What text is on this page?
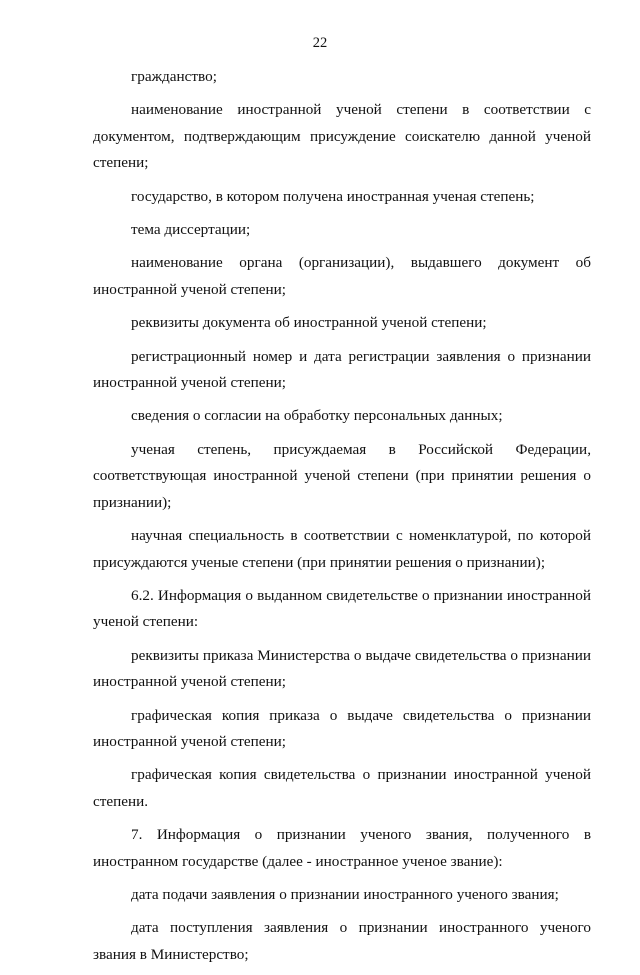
22

гражданство;

наименование иностранной ученой степени в соответствии с документом, подтверждающим присуждение соискателю данной ученой степени;

государство, в котором получена иностранная ученая степень;

тема диссертации;

наименование органа (организации), выдавшего документ об иностранной ученой степени;

реквизиты документа об иностранной ученой степени;

регистрационный номер и дата регистрации заявления о признании иностранной ученой степени;

сведения о согласии на обработку персональных данных;

ученая степень, присуждаемая в Российской Федерации, соответствующая иностранной ученой степени (при принятии решения о признании);

научная специальность в соответствии с номенклатурой, по которой присуждаются ученые степени (при принятии решения о признании);

6.2. Информация о выданном свидетельстве о признании иностранной ученой степени:

реквизиты приказа Министерства о выдаче свидетельства о признании иностранной ученой степени;

графическая копия приказа о выдаче свидетельства о признании иностранной ученой степени;

графическая копия свидетельства о признании иностранной ученой степени.

7. Информация о признании ученого звания, полученного в иностранном государстве (далее - иностранное ученое звание):

дата подачи заявления о признании иностранного ученого звания;

дата поступления заявления о признании иностранного ученого звания в Министерство;
